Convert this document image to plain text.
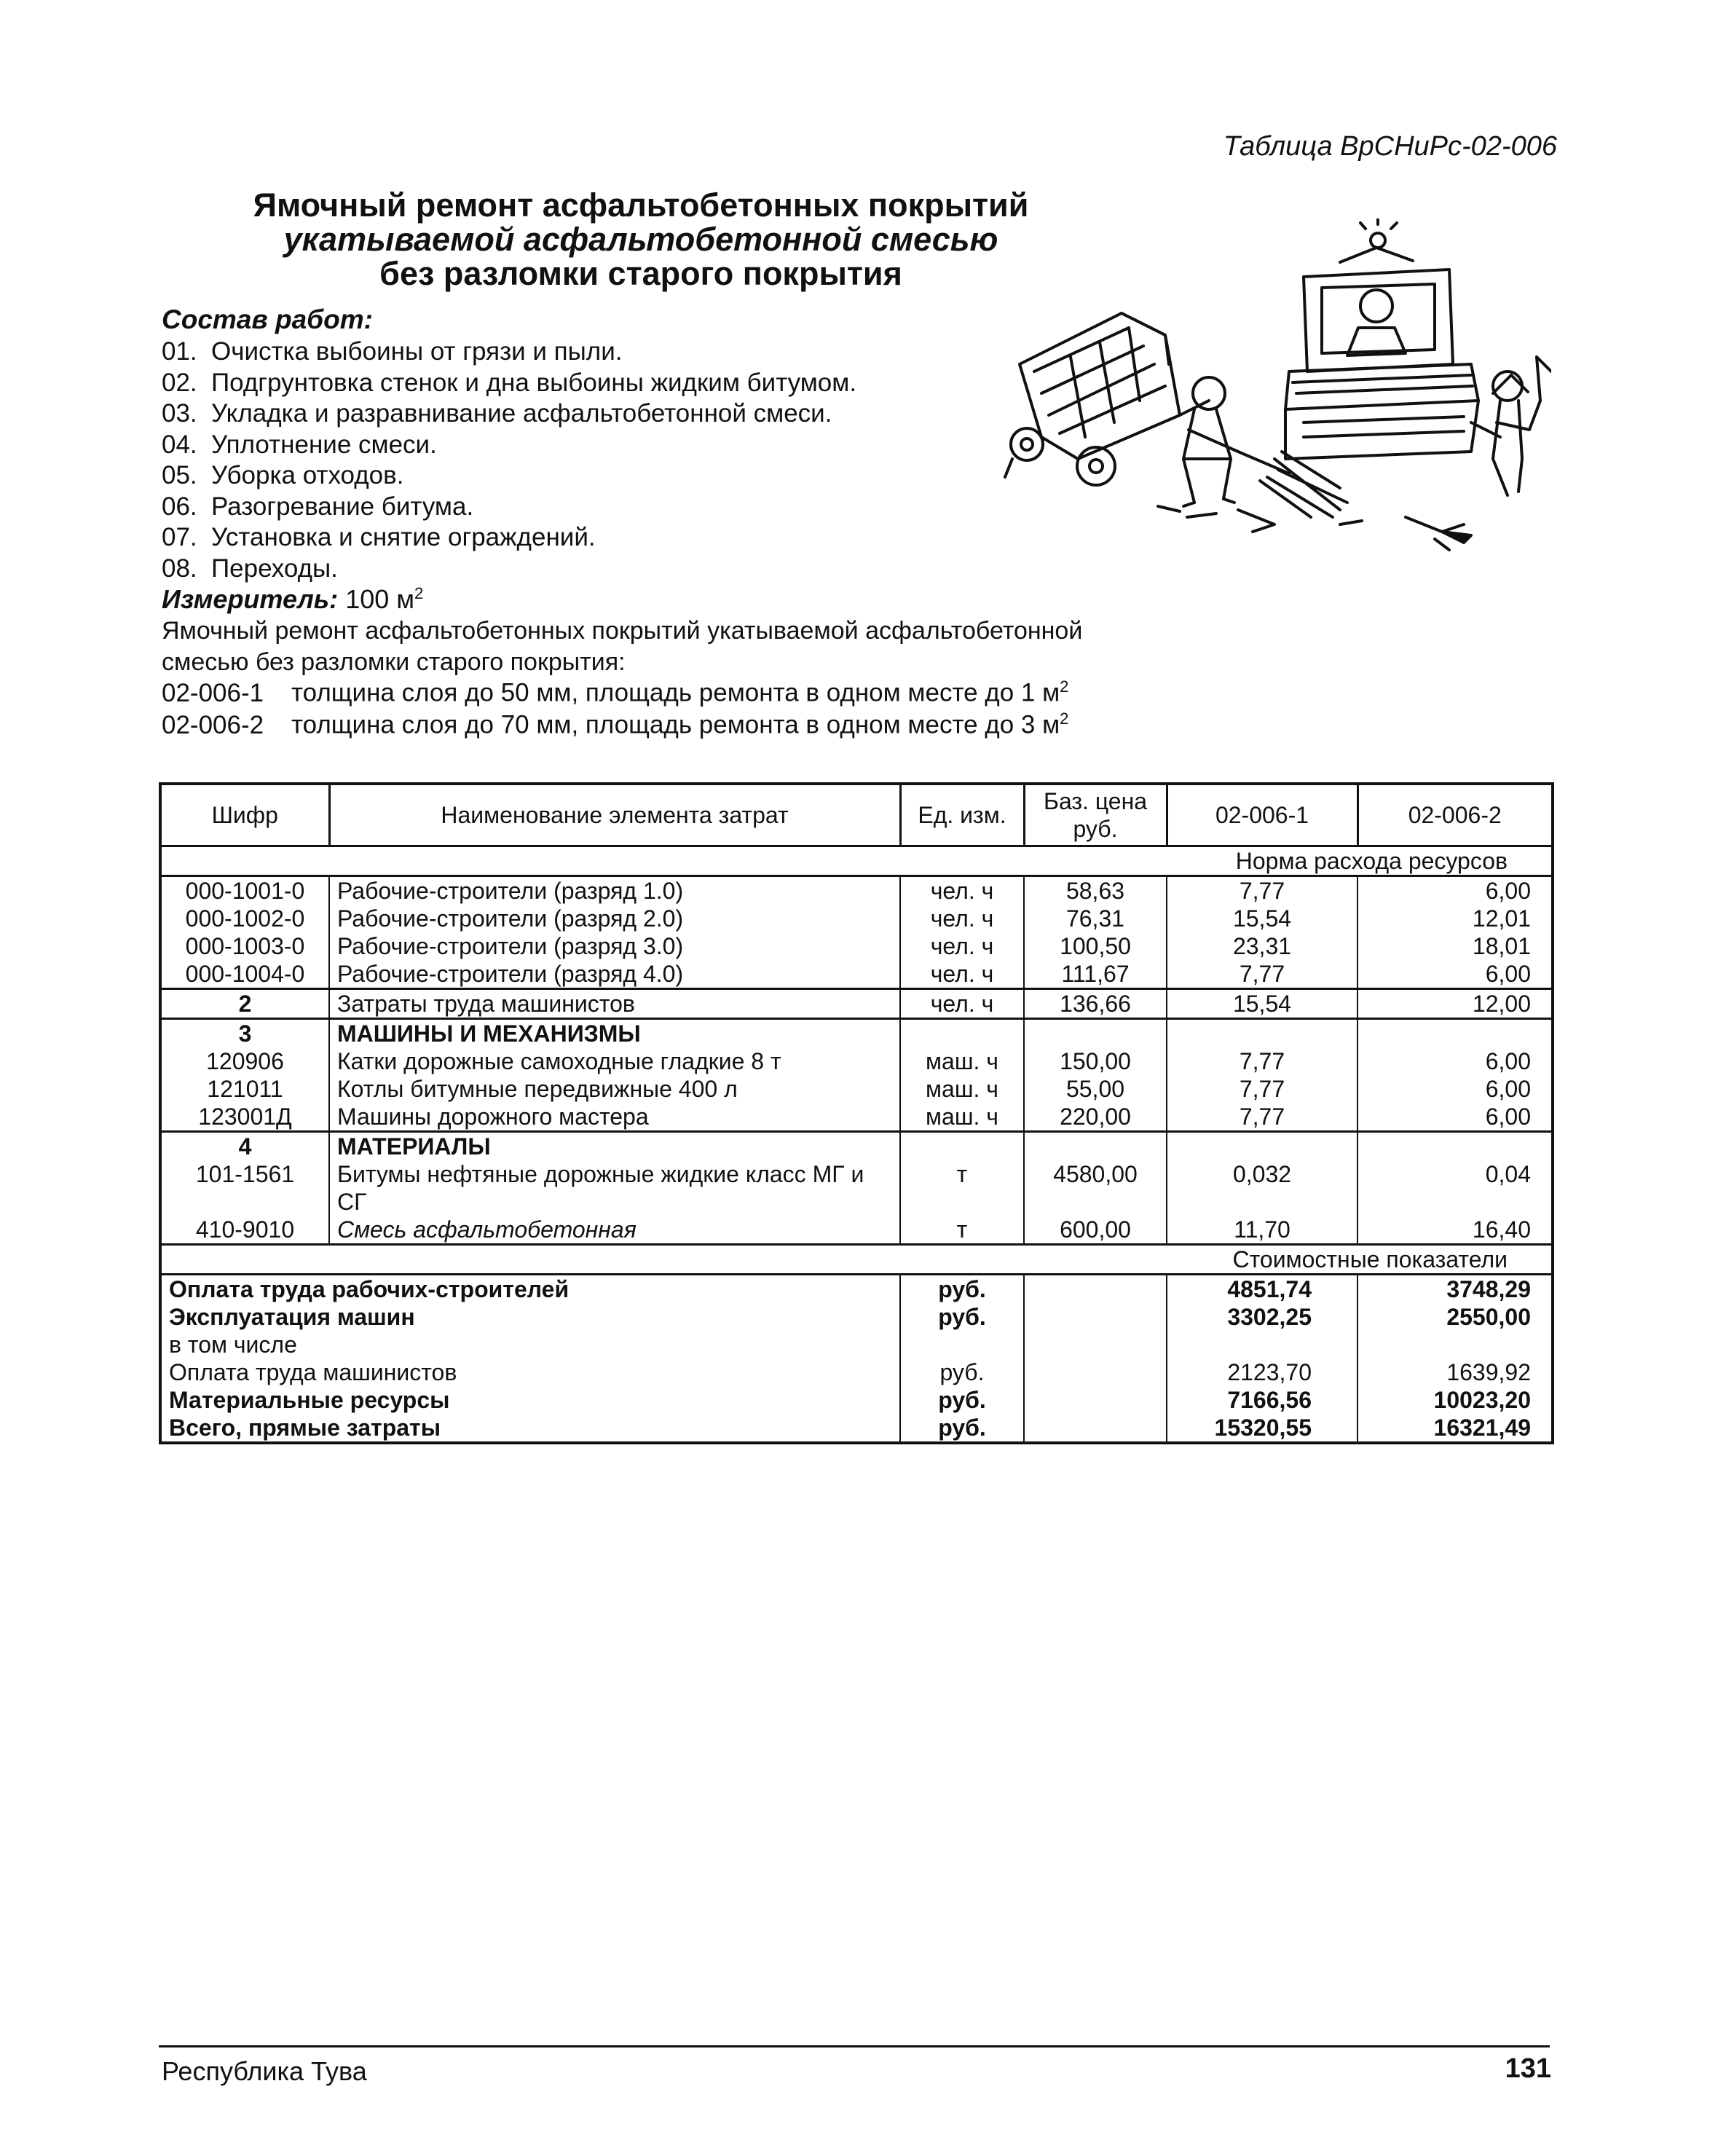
Таблица ВрСНиРс-02-006
Ямочный ремонт асфальтобетонных покрытий
укатываемой асфальтобетонной смесью
без разломки старого покрытия
Состав работ:
01. Очистка выбоины от грязи и пыли.
02. Подгрунтовка стенок и дна выбоины жидким битумом.
03. Укладка и разравнивание асфальтобетонной смеси.
04. Уплотнение смеси.
05. Уборка отходов.
06. Разогревание битума.
07. Установка и снятие ограждений.
08. Переходы.
Измеритель: 100 $м^2$
Ямочный ремонт асфальтобетонных покрытий укатываемой асфальтобетонной смесью без разломки старого покрытия:
02-006-1 толщина слоя до 50 мм, площадь ремонта в одном месте до 1 $м^2$
02-006-2 толщина слоя до 70 мм, площадь ремонта в одном месте до 3 $м^2$
Шифр	Наименование элемента затрат	Ед. изм.	Баз. цена руб.	02-006-1	02-006-2
Норма расхода ресурсов					
000-1001-0	Рабочие-строители (разряд 1.0)	чел. ч	58,63	7,77	6,00
000-1002-0	Рабочие-строители (разряд 2.0)	чел. ч	76,31	15,54	12,01
000-1003-0	Рабочие-строители (разряд 3.0)	чел. ч	100,50	23,31	18,01
000-1004-0	Рабочие-строители (разряд 4.0)	чел. ч	111,67	7,77	6,00
2	Затраты труда машинистов	чел. ч	136,66	15,54	12,00
3	МАШИНЫ И МЕХАНИЗМЫ				
120906	Катки дорожные самоходные гладкие 8 т	маш. ч	150,00	7,77	6,00
121011	Котлы битумные передвижные 400 л	маш. ч	55,00	7,77	6,00
123001Д	Машины дорожного мастера	маш. ч	220,00	7,77	6,00
4	МАТЕРИАЛЫ				
101-1561	Битумы нефтяные дорожные жидкие класс МГ и СГ	т	4580,00	0,032	0,04
410-9010	Смесь асфальтобетонная	т	600,00	11,70	16,40
Стоимостные показатели					
Оплата труда рабочих-строителей		руб.		4851,74	3748,29
Эксплуатация машин		руб.		3302,25	2550,00
в том числе					
Оплата труда машинистов		руб.		2123,70	1639,92
Материальные ресурсы		руб.		7166,56	10023,20
Всего, прямые затраты		руб.		15320,55	16321,49
Республика Тува	131
